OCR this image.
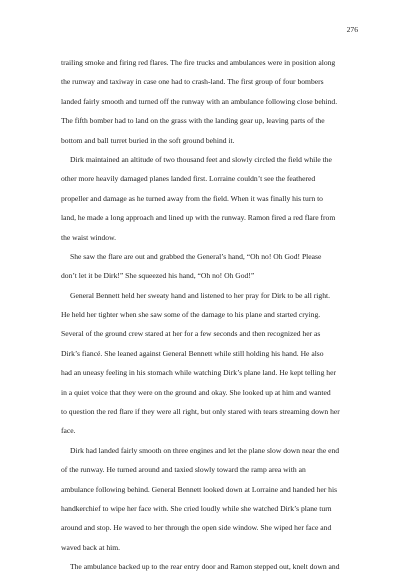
276

trailing smoke and firing red flares. The fire trucks and ambulances were in position along
the runway and taxiway in case one had to crash-land. The first group of four bombers
landed fairly smooth and turned off the runway with an ambulance following close behind.
The fifth bomber had to land on the grass with the landing gear up, leaving parts of the
bottom and ball turret buried in the soft ground behind it.

Dirk maintained an altitude of two thousand feet and slowly circled the field while the
other more heavily damaged planes landed first. Lorraine couldn’t see the feathered
propeller and damage as he turned away from the field. When it was finally his turn to
land, he made a long approach and lined up with the runway. Ramon fired a red flare from
the waist window.

She saw the flare are out and grabbed the General’s hand, “Oh no! Oh God! Please
don’t let it be Dirk!” She squeezed his hand, “Oh no! Oh God!”

General Bennett held her sweaty hand and listened to her pray for Dirk to be all right.
He held her tighter when she saw some of the damage to his plane and started crying.
Several of the ground crew stared at her for a few seconds and then recognized her as
Dirk’s fiancé. She leaned against General Bennett while still holding his hand. He also
had an uneasy feeling in his stomach while watching Dirk’s plane land. He kept telling her
in a quiet voice that they were on the ground and okay. She looked up at him and wanted
to question the red flare if they were all right, but only stared with tears streaming down her
face.

Dirk had landed fairly smooth on three engines and let the plane slow down near the end
of the runway. He turned around and taxied slowly toward the ramp area with an
ambulance following behind. General Bennett looked down at Lorraine and handed her his
handkerchief to wipe her face with. She cried loudly while she watched Dirk’s plane turn
around and stop. He waved to her through the open side window. She wiped her face and
waved back at him.

The ambulance backed up to the rear entry door and Ramon stepped out, knelt down and
